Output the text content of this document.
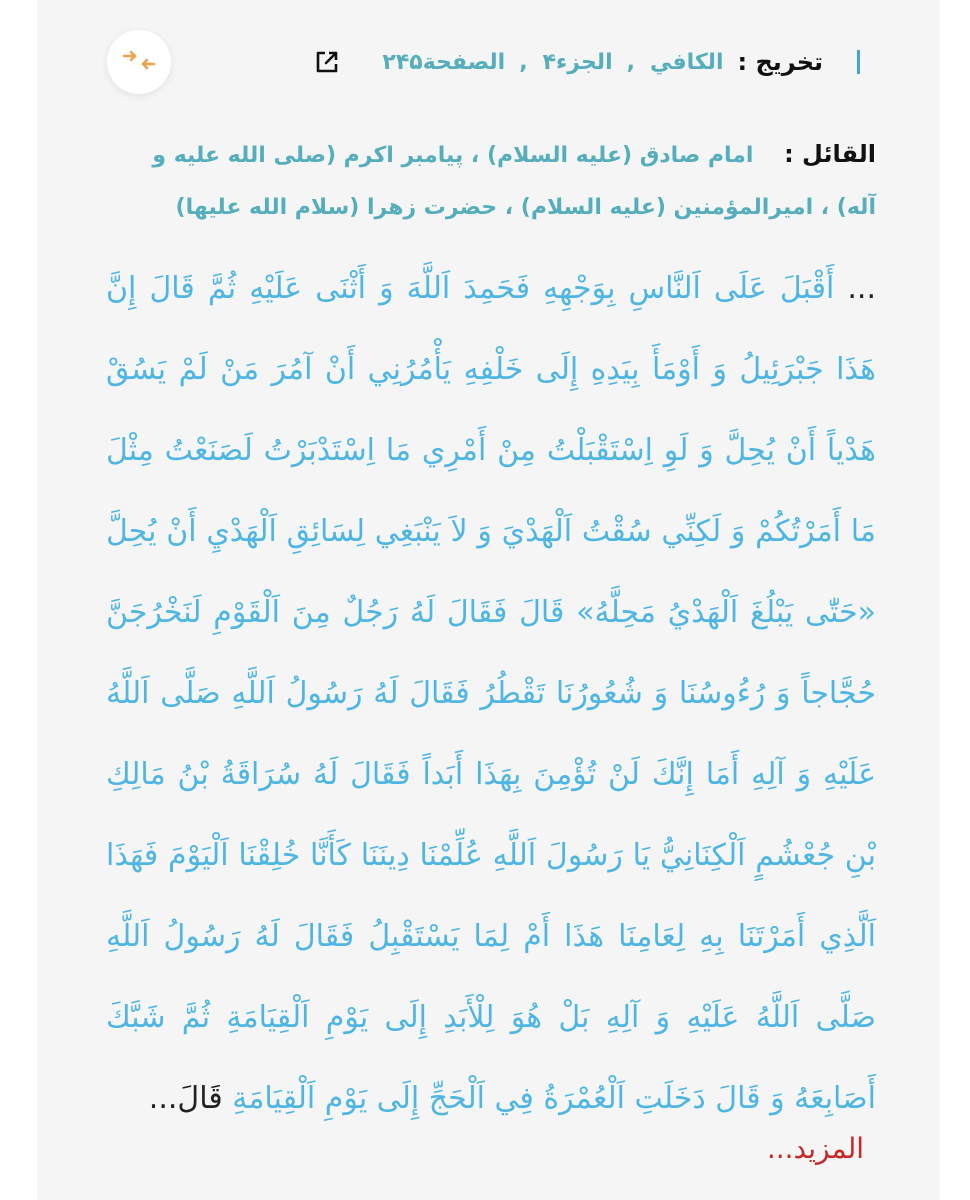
تخريج :
الكافي
,
الجزء۴
,
الصفحة۲۴۵
القائل :    امام صادق (علیه السلام) ، پیامبر اکرم (صلی الله علیه و آله) ، امیرالمؤمنین (علیه السلام) ، حضرت زهرا (سلام الله علیها)
... أَقْبَلَ عَلَى اَلنَّاسِ بِوَجْهِهِ فَحَمِدَ اَللَّهَ وَ أَثْنَى عَلَيْهِ ثُمَّ قَالَ إِنَّ هَذَا جَبْرَئِيلُ وَ أَوْمَأَ بِيَدِهِ إِلَى خَلْفِهِ يَأْمُرُنِي أَنْ آمُرَ مَنْ لَمْ يَسُقْ هَدْياً أَنْ يُحِلَّ وَ لَوِ اِسْتَقْبَلْتُ مِنْ أَمْرِي مَا اِسْتَدْبَرْتُ لَصَنَعْتُ مِثْلَ مَا أَمَرْتُكُمْ وَ لَكِنِّي سُقْتُ اَلْهَدْيَ وَ لاَ يَنْبَغِي لِسَائِقِ اَلْهَدْيِ أَنْ يُحِلَّ «حَتّٰى يَبْلُغَ اَلْهَدْيُ مَحِلَّهُ» قَالَ فَقَالَ لَهُ رَجُلٌ مِنَ اَلْقَوْمِ لَنَخْرُجَنَّ حُجَّاجاً وَ رُءُوسُنَا وَ شُعُورُنَا تَقْطُرُ فَقَالَ لَهُ رَسُولُ اَللَّهِ صَلَّى اَللَّهُ عَلَيْهِ وَ آلِهِ أَمَا إِنَّكَ لَنْ تُؤْمِنَ بِهَذَا أَبَداً فَقَالَ لَهُ سُرَاقَةُ بْنُ مَالِكِ بْنِ جُعْشُمٍ اَلْكِنَانِيُّ يَا رَسُولَ اَللَّهِ عُلِّمْنَا دِينَنَا كَأَنَّا خُلِقْنَا اَلْيَوْمَ فَهَذَا اَلَّذِي أَمَرْتَنَا بِهِ لِعَامِنَا هَذَا أَمْ لِمَا يَسْتَقْبِلُ فَقَالَ لَهُ رَسُولُ اَللَّهِ صَلَّى اَللَّهُ عَلَيْهِ وَ آلِهِ بَلْ هُوَ لِلْأَبَدِ إِلَى يَوْمِ اَلْقِيَامَةِ ثُمَّ شَبَّكَ أَصَابِعَهُ وَ قَالَ دَخَلَتِ اَلْعُمْرَةُ فِي اَلْحَجِّ إِلَى يَوْمِ اَلْقِيَامَةِ قَالَ...
المزيد...
